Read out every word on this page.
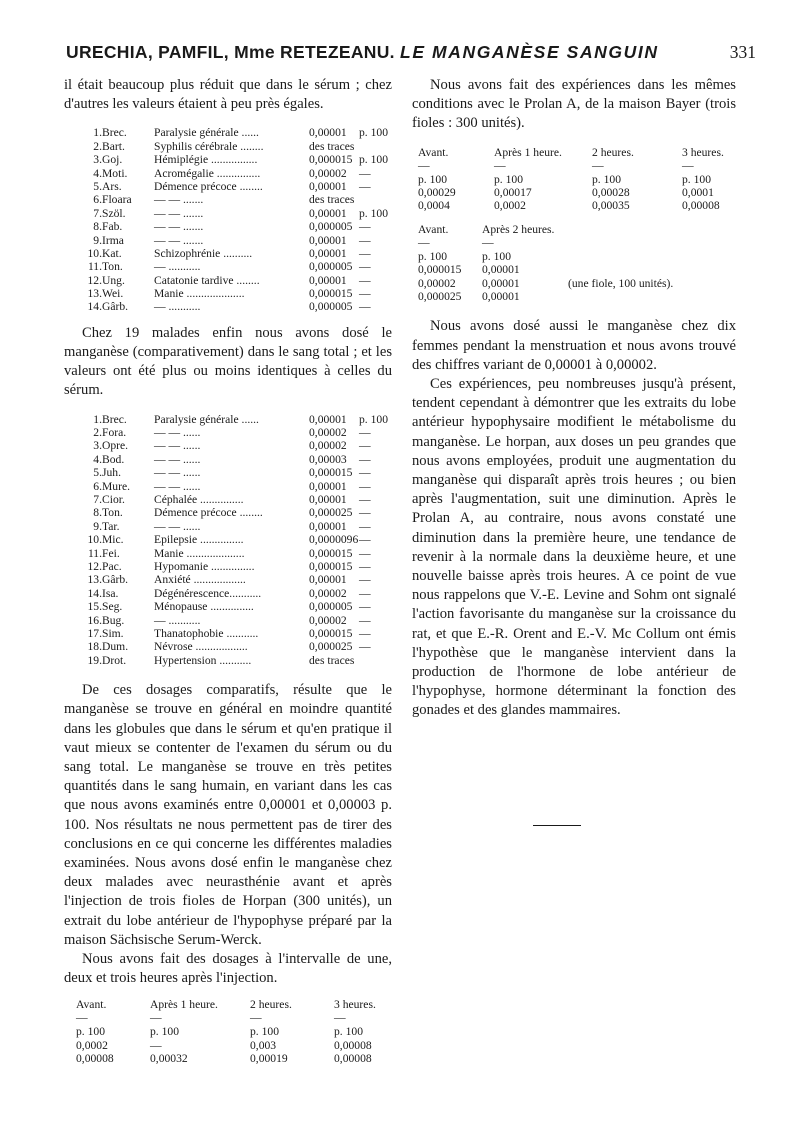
URECHIA, PAMFIL, Mme RETEZEANU. LE MANGANÈSE SANGUIN	331

il était beaucoup plus réduit que dans le sérum ; chez d'autres les valeurs étaient à peu près égales.

1. Brec. Paralysie générale ......	0,00001 p. 100
2. Bart.	Syphilis cérébrale ........	des traces
3. Goj.	Hémiplégie ................	0,000015 p. 100
4. Moti. Acromégalie ...............	0,00002 —
5. Ars.	Démence précoce ........	0,00001 —
6. Floara — — .......	des traces
7. Szöl. — — .......	0,00001 p. 100
8. Fab.	— — .......	0,000005 —
9. Irma	— — .......	0,00001 —
10. Kat.	Schizophrénie ..........	0,00001 —
11. Ton.	— ...........	0,000005 —
12. Ung.	Catatonie tardive ........	0,00001 —
13. Wei.	Manie ....................	0,000015 —
14. Gârb. — ...........	0,000005 —

Chez 19 malades enfin nous avons dosé le manganèse (comparativement) dans le sang total ; et les valeurs ont été plus ou moins identiques à celles du sérum.

1. Brec. Paralysie générale ......	0,00001 p. 100
2. Fora. — — ......	0,00002 —
3. Opre. — — ......	0,00002 —
4. Bod.	— — ......	0,00003 —
5. Juh.	— — ......	0,000015 —
6. Mure. — — ......	0,00001 —
7. Cior.	Céphalée ...............	0,00001 —
8. Ton.	Démence précoce ........	0,000025 —
9. Tar.	— — ......	0,00001 —
10. Mic.	Epilepsie ...............	0,0000096 —
11. Fei.	Manie ....................	0,000015 —
12. Pac.	Hypomanie ...............	0,000015 —
13. Gârb. Anxiété ..................	0,00001 —
14. Isa.	Dégénérescence...........	0,00002 —
15. Seg.	Ménopause ...............	0,000005 —
16. Bug.	— ...........	0,00002 —
17. Sim.	Thanatophobie ...........	0,000015 —
18. Dum. Névrose ..................	0,000025 —
19. Drot. Hypertension ...........	des traces

De ces dosages comparatifs, résulte que le manganèse se trouve en général en moindre quantité dans les globules que dans le sérum et qu'en pratique il vaut mieux se contenter de l'examen du sérum ou du sang total. Le manganèse se trouve en très petites quantités dans le sang humain, en variant dans les cas que nous avons examinés entre 0,00001 et 0,00003 p. 100. Nos résultats ne nous permettent pas de tirer des conclusions en ce qui concerne les différentes maladies examinées. Nous avons dosé enfin le manganèse chez deux malades avec neurasthénie avant et après l'injection de trois fioles de Horpan (300 unités), un extrait du lobe antérieur de l'hypophyse préparé par la maison Sächsische Serum-Werck.

Nous avons fait des dosages à l'intervalle de une, deux et trois heures après l'injection.

Avant.	Après 1 heure.	2 heures.	3 heures.
—	—	—	—
p. 100	p. 100	p. 100	p. 100
0,0002	—	0,003	0,00008
0,00008	0,00032	0,00019	0,00008

Nous avons fait des expériences dans les mêmes conditions avec le Prolan A, de la maison Bayer (trois fioles : 300 unités).

Avant.	Après 1 heure.	2 heures.	3 heures.
—	—	—	—
p. 100	p. 100	p. 100	p. 100
0,00029	0,00017	0,00028	0,0001
0,0004	0,0002	0,00035	0,00008
Avant.	Après 2 heures.
—	—
p. 100	p. 100
0,000015 0,00001
0,00002 0,00001	(une fiole, 100 unités).
0,000025 0,00001

Nous avons dosé aussi le manganèse chez dix femmes pendant la menstruation et nous avons trouvé des chiffres variant de 0,00001 à 0,00002.

Ces expériences, peu nombreuses jusqu'à présent, tendent cependant à démontrer que les extraits du lobe antérieur hypophysaire modifient le métabolisme du manganèse. Le horpan, aux doses un peu grandes que nous avons employées, produit une augmentation du manganèse qui disparaît après trois heures ; ou bien après l'augmentation, suit une diminution. Après le Prolan A, au contraire, nous avons constaté une diminution dans la première heure, une tendance de revenir à la normale dans la deuxième heure, et une nouvelle baisse après trois heures. A ce point de vue nous rappelons que V.-E. Levine and Sohm ont signalé l'action favorisante du manganèse sur la croissance du rat, et que E.-R. Orent and E.-V. Mc Collum ont émis l'hypothèse que le manganèse intervient dans la production de l'hormone de lobe antérieur de l'hypophyse, hormone déterminant la fonction des gonades et des glandes mammaires.
